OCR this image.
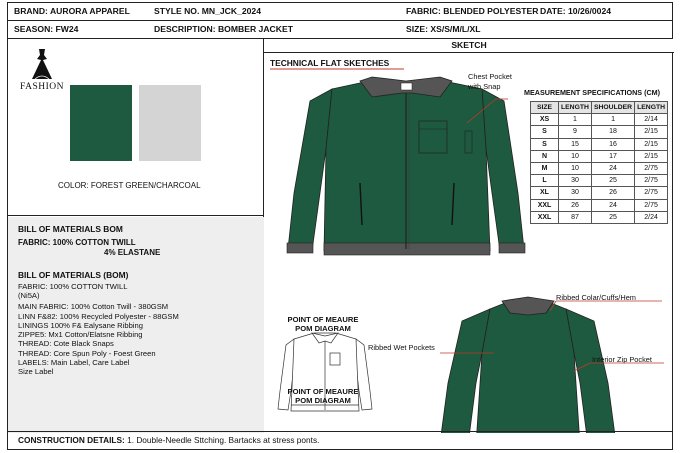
BRAND: AURORA APPAREL	STYLE NO. MN_JCK_2024	FABRIC: BLENDED POLYESTER DATE: 10/26/0024
SEASON: FW24	DESCRIPTION: BOMBER JACKET	SIZE: XS/S/M/L/XL
FASHION
COLOR: FOREST GREEN/CHARCOAL
BILL OF MATERIALS BOM
FABRIC: 100% COTTON TWILL
4% ELASTANE
BILL OF MATERIALS (BOM)
FABRIC: 100% COTTON TWILL
(Ni5A)
MAIN FABRIC: 100% Cotton Twill - 380GSM
LINN F&82: 100% Recycled Polyester - 88GSM
LININGS 100% F& Ealysane Ribbing
ZIPPE5: Mx1 Cotton/Elatsne Ribbing
THREAD: Cote Black Snaps
THREAD: Core Spun Poly - Foest Green
LABELS: Main Label, Care Label
Size Label
SKETCH
TECHNICAL FLAT SKETCHES
Chest Pocket
with Snap
Ribbed Colar/Cuffs/Hem
Ribbed Wet Pockets
Interior Zip Pocket
POINT OF MEAURE
POM DIAGRAM
POINT OF MEAURE
POM DIAGRAM
MEASUREMENT SPECIFICATIONS (CM)
SIZE	LENGTH	SHOULDER	LENGTH
XS	1	1	2/14
S	9	18	2/15
S	15	16	2/15
N	10	17	2/15
M	10	24	2/75
L	30	25	2/75
XL	30	26	2/75
XXL	26	24	2/75
XXL	87	25	2/24
CONSTRUCTION DETAILS: 1. Double-Needle Sttching. Bartacks at stress ponts.
